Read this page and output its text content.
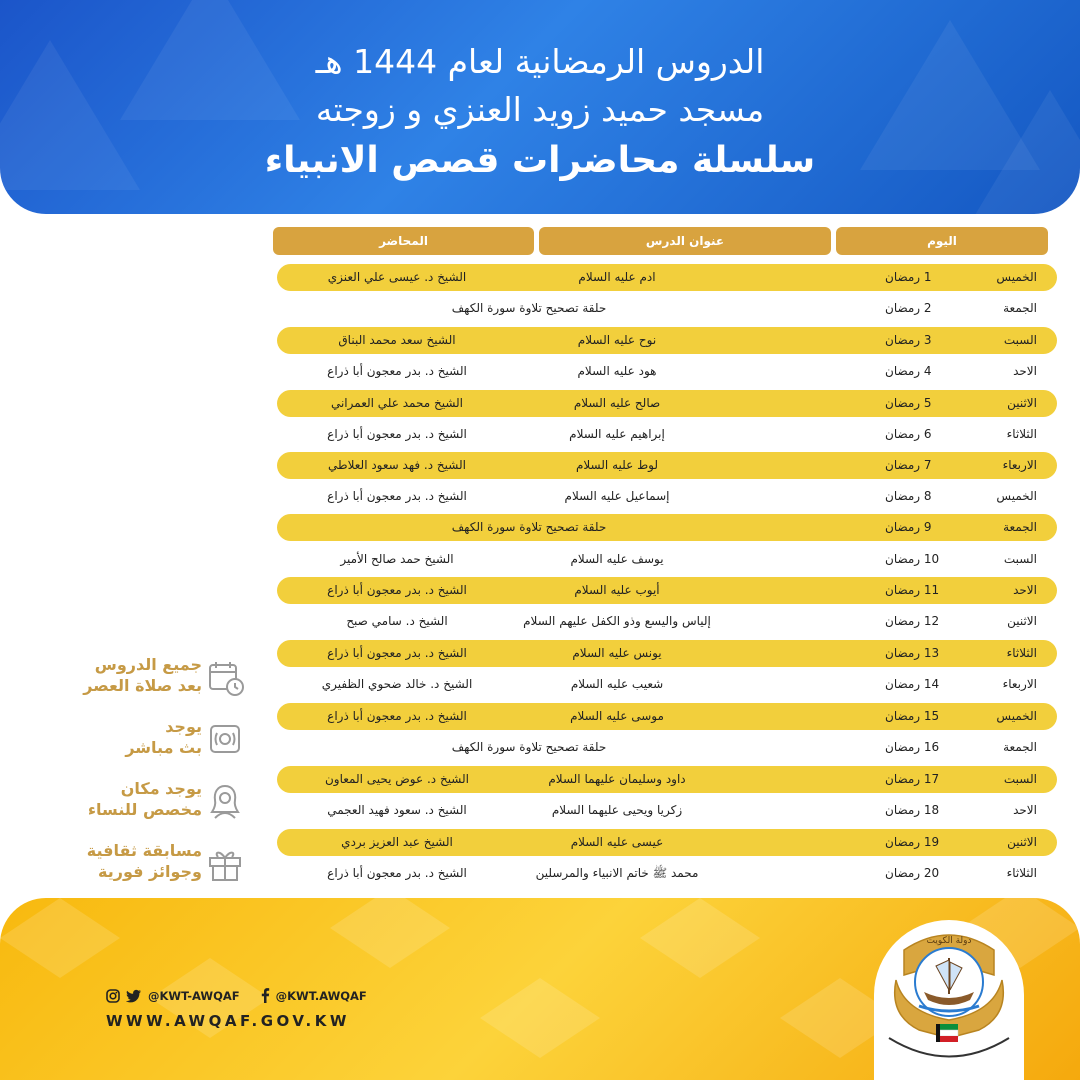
الدروس الرمضانية لعام 1444 هـ
مسجد حميد زويد العنزي و زوجته
سلسلة محاضرات قصص الانبياء
اليوم
عنوان الدرس
المحاضر
الخميس
1 رمضان
ادم عليه السلام
الشيخ د. عيسى علي العنزي
الجمعة
2 رمضان
حلقة تصحيح تلاوة سورة الكهف
السبت
3 رمضان
نوح عليه السلام
الشيخ سعد محمد البناق
الاحد
4 رمضان
هود عليه السلام
الشيخ د. بدر معجون أبا ذراع
الاثنين
5 رمضان
صالح عليه السلام
الشيخ محمد علي العمراني
الثلاثاء
6 رمضان
إبراهيم عليه السلام
الشيخ د. بدر معجون أبا ذراع
الاربعاء
7 رمضان
لوط عليه السلام
الشيخ د. فهد سعود العلاطي
الخميس
8 رمضان
إسماعيل عليه السلام
الشيخ د. بدر معجون أبا ذراع
الجمعة
9 رمضان
حلقة تصحيح تلاوة سورة الكهف
السبت
10 رمضان
يوسف عليه السلام
الشيخ حمد صالح الأمير
الاحد
11 رمضان
أيوب عليه السلام
الشيخ د. بدر معجون أبا ذراع
الاثنين
12 رمضان
إلياس واليسع وذو الكفل عليهم السلام
الشيخ د. سامي صبح
الثلاثاء
13 رمضان
يونس عليه السلام
الشيخ د. بدر معجون أبا ذراع
الاربعاء
14 رمضان
شعيب عليه السلام
الشيخ د. خالد ضحوي الظفيري
الخميس
15 رمضان
موسى عليه السلام
الشيخ د. بدر معجون أبا ذراع
الجمعة
16 رمضان
حلقة تصحيح تلاوة سورة الكهف
السبت
17 رمضان
داود وسليمان عليهما السلام
الشيخ د. عوض يحيى المعاون
الاحد
18 رمضان
زكريا ويحيى عليهما السلام
الشيخ د. سعود فهيد العجمي
الاثنين
19 رمضان
عيسى عليه السلام
الشيخ عبد العزيز بردي
الثلاثاء
20 رمضان
محمد ﷺ خاتم الانبياء والمرسلين
الشيخ د. بدر معجون أبا ذراع
جميع الدروس
بعد صلاة العصر
يوجد
بث مباشر
يوجد مكان
مخصص للنساء
مسابقة ثقافية
وجوائز فورية
@KWT-AWQAF	@KWT.AWQAF
WWW.AWQAF.GOV.KW
دولة الكويت
